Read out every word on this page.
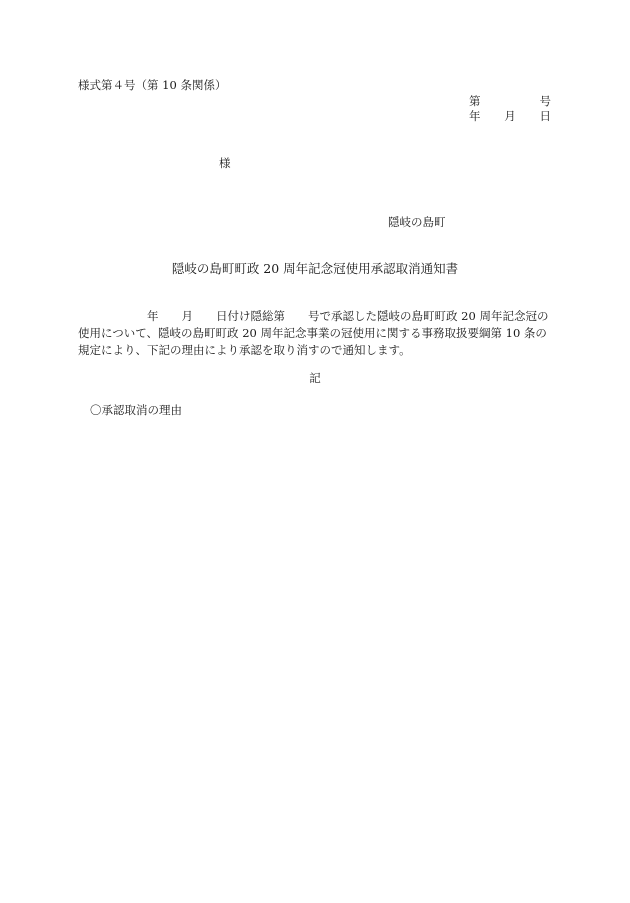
様式第４号（第 10 条関係）
第	号
年 月 日
様
隠岐の島町
隠岐の島町町政 20 周年記念冠使用承認取消通知書
　　　　　　年　　月　　日付け隠総第　　号で承認した隠岐の島町町政 20 周年記念冠の
使用について、隠岐の島町町政 20 周年記念事業の冠使用に関する事務取扱要綱第 10 条の
規定により、下記の理由により承認を取り消すので通知します。
記
〇承認取消の理由
